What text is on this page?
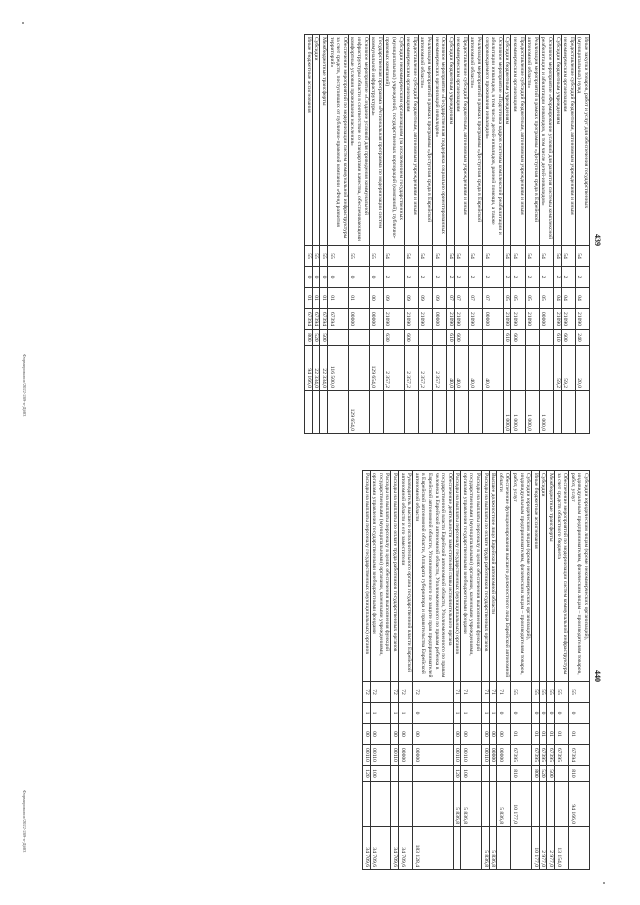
439
Иные закупки товаров, работ и услуг для обеспечения государственных (муниципальных) нужд	54	2	04	21090	240	20,0	
Предоставление субсидий бюджетным, автономным учреждениям и иным некоммерческим организациям	54	2	04	21090	600	59,2	
Субсидии бюджетным учреждениям	54	2	04	21090	610	59,2	
Основное мероприятие «Формирование условий для развития системы комплексной реабилитации и абилитации инвалидов, в том числе детей-инвалидов»	54	2	05	00000			1 000,0
Реализация мероприятий в рамках программы «Доступная среда в Еврейской автономной области»	54	2	05	21090			1 000,0
Предоставление субсидий бюджетным, автономным учреждениям и иным некоммерческим организациям	54	2	05	21090	600		1 000,0
Субсидии бюджетным учреждениям	54	2	05	21090	610		1 000,0
Основное мероприятие «Подготовка кадров системы комплексной реабилитации и абилитации инвалидов, в том числе детей-инвалидов, ранней помощи, а также сопровождаемого проживания инвалидов»	54	2	07	00000		40,0	
Реализация мероприятий в рамках программы «Доступная среда в Еврейской автономной области»	54	2	07	21090		40,0	
Предоставление субсидий бюджетным, автономным учреждениям и иным некоммерческим организациям	54	2	07	21090	600	40,0	
Субсидии бюджетным учреждениям	54	2	07	21090	610	40,0	
Основное мероприятие «Государственная поддержка социально ориентированных некоммерческих организаций инвалидов»	54	2	09	00000		2 357,2	
Реализация мероприятий в рамках программы «Доступная среда в Еврейской автономной области»	54	2	09	21090		2 357,2	
Предоставление субсидий бюджетным, автономным учреждениям и иным некоммерческим организациям	54	2	09	21090	600	2 357,2	
Субсидии некоммерческим организациям (за исключением государственных (муниципальных) учреждений, государственных корпораций (компаний), публично-правовых компаний)	54	2	09	21090	630	2 357,2	
Государственная программа «Региональная программа по модернизации систем коммунальной инфраструктуры»	55	0	00	00000		129 654,0	
Основное мероприятие «Создание условий для приведения коммунальной инфраструктуры области в соответствие со стандартами качества, обеспечивающими комфортные условия проживания населения»	55	0	01	00000			129 654,0
Обеспечение мероприятий по модернизации систем коммунальной инфраструктуры за счет средств, поступивших от публично-правовой компании «Фонд развития территорий»	55	0	01	67394		116 500,0	
Межбюджетные трансферты	55	0	01	67394	500	22 334,0	
Субсидии	55	0	01	67394	520	22 334,0	
Иные бюджетные ассигнования	55	0	01	67394	800	94 166,0	
Формирование/2022-289-п-Д#03
440
Субсидии юридическим лицам (кроме некоммерческих организаций), индивидуальным предпринимателям, физическим лицам – производителям товаров, работ, услуг	55	0	01	67394	810	94 166,0	
Обеспечение мероприятий по модернизации систем коммунальной инфраструктуры за счет средств областного бюджета	55	0	01	67395			13 154,0
Межбюджетные трансферты	55	0	01	67395	500		2 977,0
Субсидии	55	0	01	67395	520		2 977,0
Иные бюджетные ассигнования	55	0	01	67395	800		10 177,0
Субсидии юридическим лицам (кроме некоммерческих организаций), индивидуальным предпринимателям, физическим лицам – производителям товаров, работ, услуг	55	0	01	67395	810	10 177,0	
Обеспечение функционирования высшего должностного лица Еврейской автономной области	71	0	00	00000		5 836,8	
Высшее должностное лицо Еврейской автономной области	71	1	00	00000			5 836,8
Расходы на выплаты по оплате труда работников государственных органов	71	1	00	00110			5 836,8
Расходы на выплаты персоналу в целях обеспечения выполнения функций государственными (муниципальными) органами, казенными учреждениями, органами управления государственными внебюджетными фондами	71	1	00	00110	100	5 836,8	
Расходы на выплаты персоналу государственных (муниципальных) органов	71	1	00	00110	120	5 836,8	
Обеспечение деятельности заместителей главы исполнительного органа государственной власти Еврейской автономной области, Уполномоченного по правам человека в Еврейской автономной области, Уполномоченного по правам ребенка в Еврейской автономной области, Уполномоченного по защите прав предпринимателей в Еврейской автономной области, Аппарата губернатора и правительства Еврейской автономной области	72	0	00	00000			183 128,4
Руководитель высшего исполнительного органа государственной власти Еврейской автономной области и его заместители	72	1	00	00000			34 709,6
Расходы на выплаты по оплате труда работников государственных органов	72	1	00	00110			34 709,6
Расходы на выплаты персоналу в целях обеспечения выполнения функций государственными (муниципальными) органами, казенными учреждениями, органами управления государственными внебюджетными фондами	72	1	00	00110	100		34 709,6
Расходы на выплаты персоналу государственных (муниципальных) органов	72	1	00	00110	120		34 709,6
Формирование/2022-289-п-Д#03
